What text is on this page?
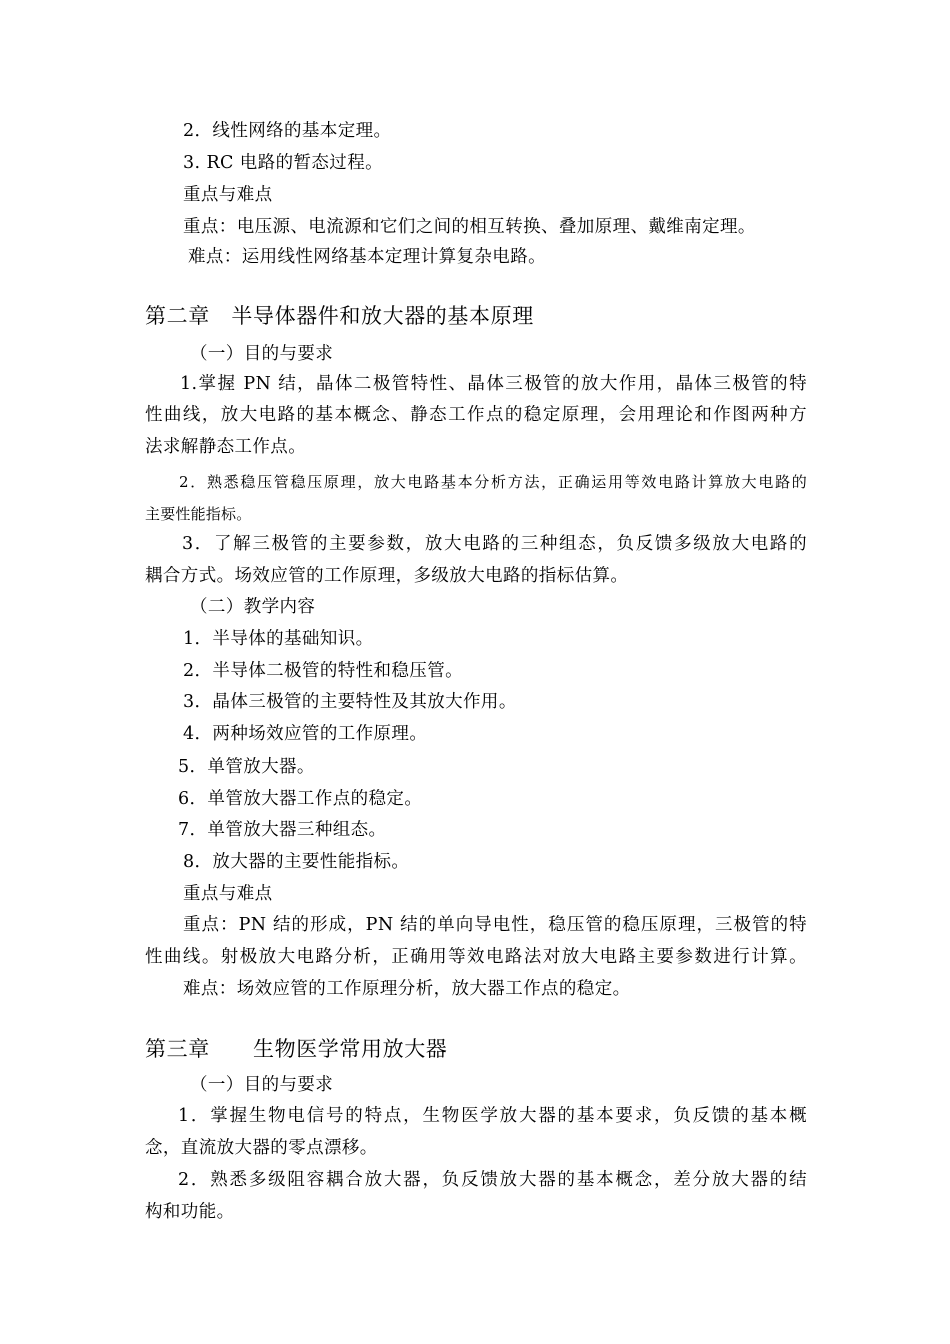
2．线性网络的基本定理。

3. RC 电路的暂态过程。

重点与难点

重点：电压源、电流源和它们之间的相互转换、叠加原理、戴维南定理。

难点：运用线性网络基本定理计算复杂电路。

第二章　半导体器件和放大器的基本原理

（一）目的与要求

1.掌握 PN 结，晶体二极管特性、晶体三极管的放大作用，晶体三极管的特

性曲线，放大电路的基本概念、静态工作点的稳定原理，会用理论和作图两种方

法求解静态工作点。

2．熟悉稳压管稳压原理，放大电路基本分析方法，正确运用等效电路计算放大电路的

主要性能指标。

3．了解三极管的主要参数，放大电路的三种组态，负反馈多级放大电路的

耦合方式。场效应管的工作原理，多级放大电路的指标估算。

（二）教学内容

1．半导体的基础知识。

2．半导体二极管的特性和稳压管。

3．晶体三极管的主要特性及其放大作用。

4．两种场效应管的工作原理。

5．单管放大器。

6．单管放大器工作点的稳定。

7．单管放大器三种组态。

8．放大器的主要性能指标。

重点与难点

重点：PN 结的形成，PN 结的单向导电性，稳压管的稳压原理，三极管的特

性曲线。射极放大电路分析，正确用等效电路法对放大电路主要参数进行计算。

难点：场效应管的工作原理分析，放大器工作点的稳定。

第三章　　生物医学常用放大器

（一）目的与要求

1．掌握生物电信号的特点，生物医学放大器的基本要求，负反馈的基本概

念，直流放大器的零点漂移。

2．熟悉多级阻容耦合放大器，负反馈放大器的基本概念，差分放大器的结

构和功能。
